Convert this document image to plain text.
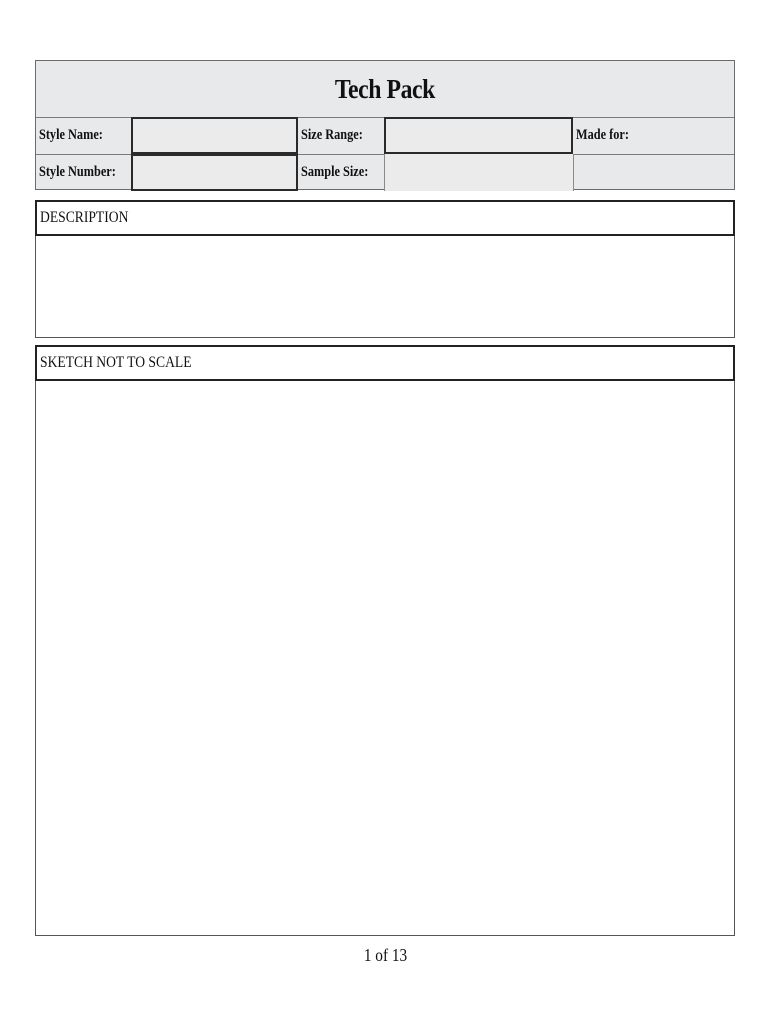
Tech Pack
Style Name:	Size Range:	Made for:
Style Number:	Sample Size:
DESCRIPTION
SKETCH NOT TO SCALE
1 of 13
